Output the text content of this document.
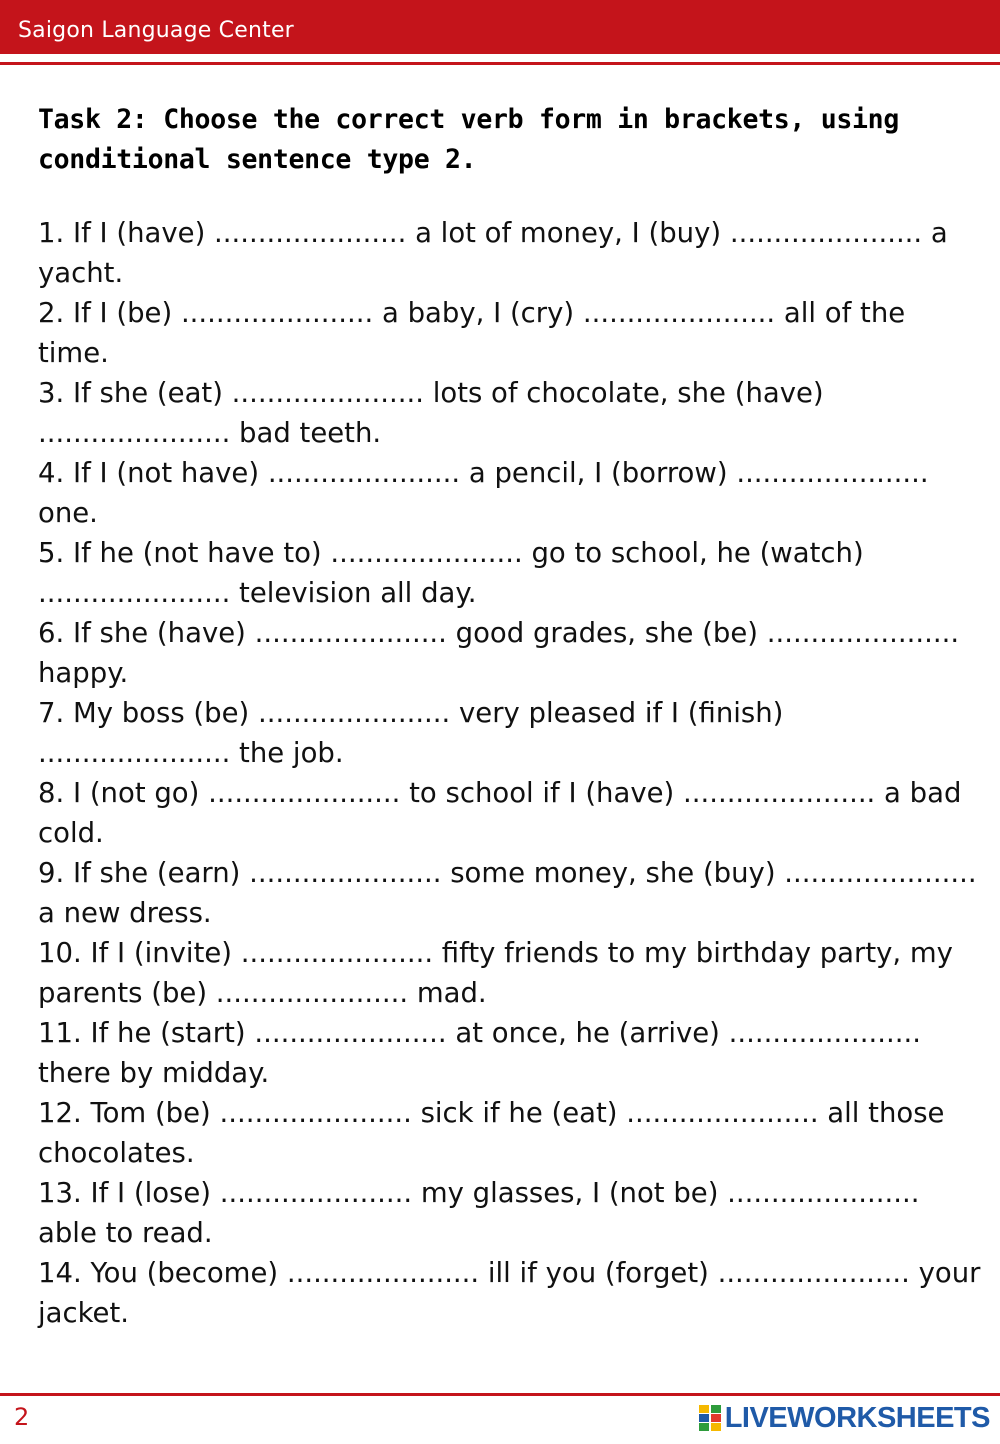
Saigon Language Center
Task 2: Choose the correct verb form in brackets, using conditional sentence type 2.
1. If I (have) ...................... a lot of money, I (buy) ...................... a yacht.
2. If I (be) ...................... a baby, I (cry) ...................... all of the time.
3. If she (eat) ...................... lots of chocolate, she (have) ...................... bad teeth.
4. If I (not have) ...................... a pencil, I (borrow) ...................... one.
5. If he (not have to) ...................... go to school, he (watch) ...................... television all day.
6. If she (have) ...................... good grades, she (be) ...................... happy.
7. My boss (be) ...................... very pleased if I (finish) ...................... the job.
8. I (not go) ...................... to school if I (have) ...................... a bad cold.
9. If she (earn) ...................... some money, she (buy) ...................... a new dress.
10. If I (invite) ...................... fifty friends to my birthday party, my parents (be) ...................... mad.
11. If he (start) ...................... at once, he (arrive) ...................... there by midday.
12. Tom (be) ...................... sick if he (eat) ...................... all those chocolates.
13. If I (lose) ...................... my glasses, I (not be) ...................... able to read.
14. You (become) ...................... ill if you (forget) ...................... your jacket.
2	LIVEWORKSHEETS
